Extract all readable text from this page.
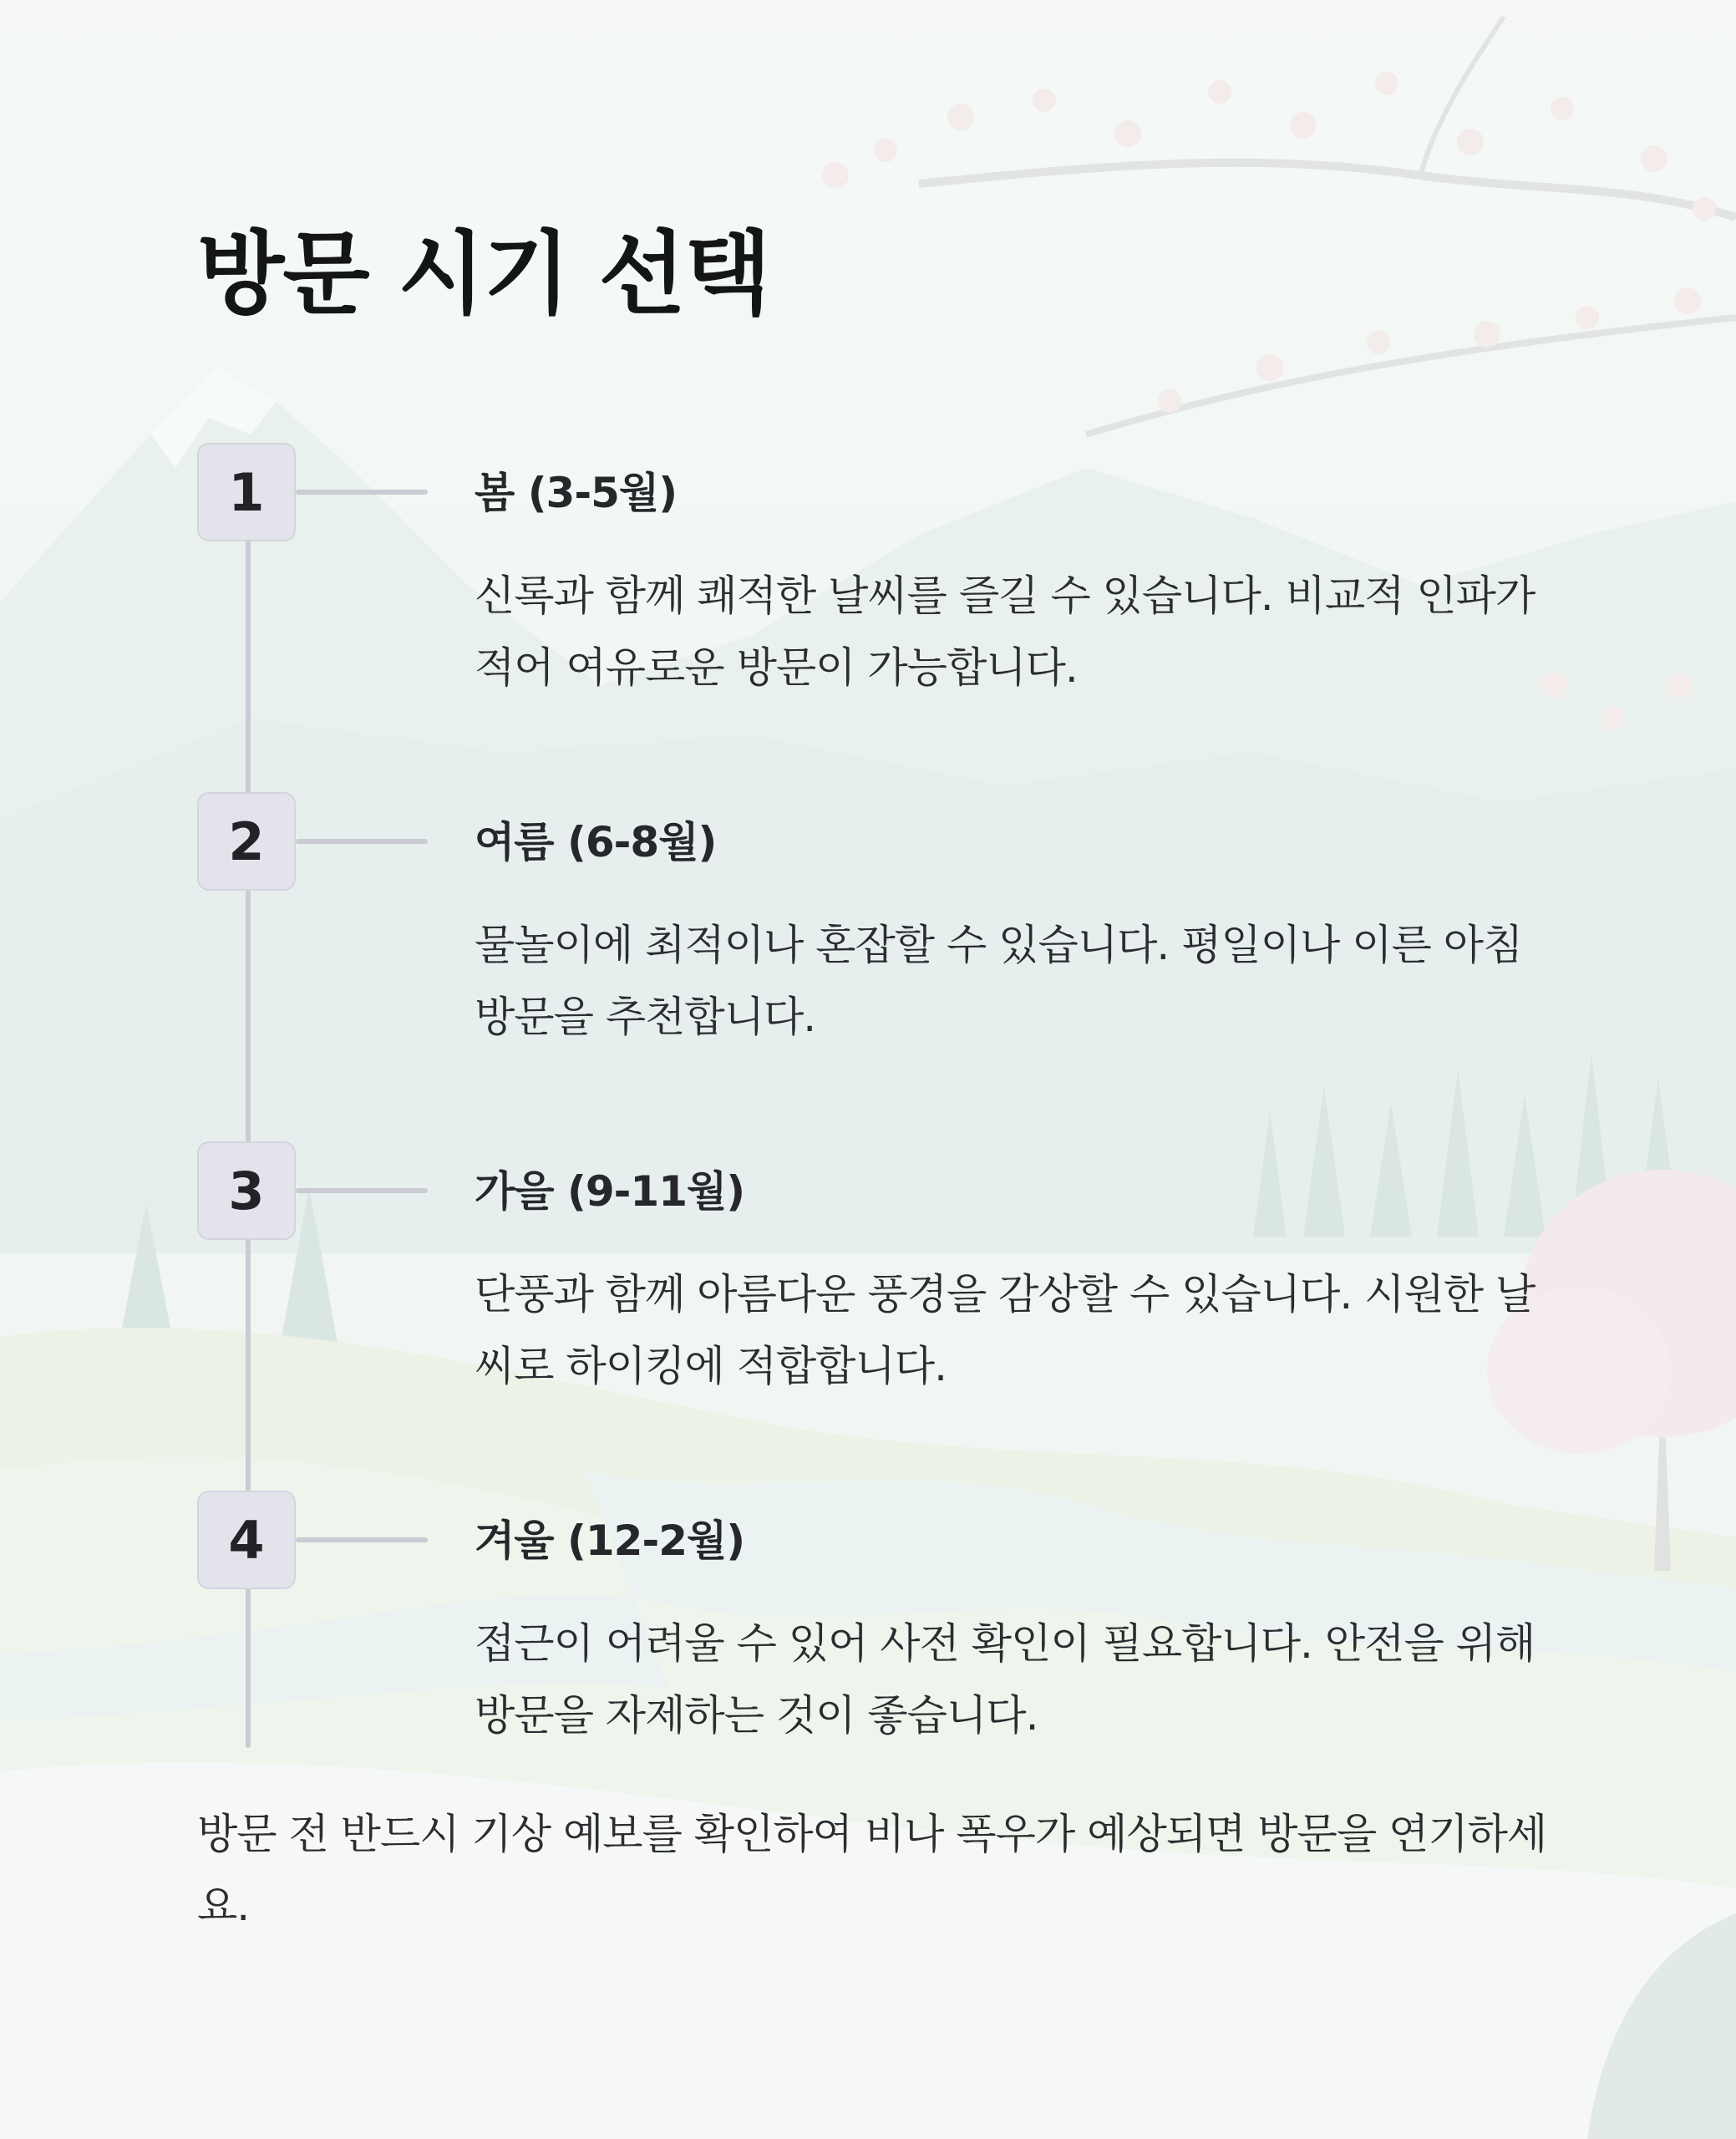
방문 시기 선택
1	봄 (3-5월)

신록과 함께 쾌적한 날씨를 즐길 수 있습니다. 비교적 인파가 적어 여유로운 방문이 가능합니다.

2	여름 (6-8월)

물놀이에 최적이나 혼잡할 수 있습니다. 평일이나 이른 아침 방문을 추천합니다.

3	가을 (9-11월)

단풍과 함께 아름다운 풍경을 감상할 수 있습니다. 시원한 날씨로 하이킹에 적합합니다.

4	겨울 (12-2월)

접근이 어려울 수 있어 사전 확인이 필요합니다. 안전을 위해 방문을 자제하는 것이 좋습니다.

방문 전 반드시 기상 예보를 확인하여 비나 폭우가 예상되면 방문을 연기하세요.
